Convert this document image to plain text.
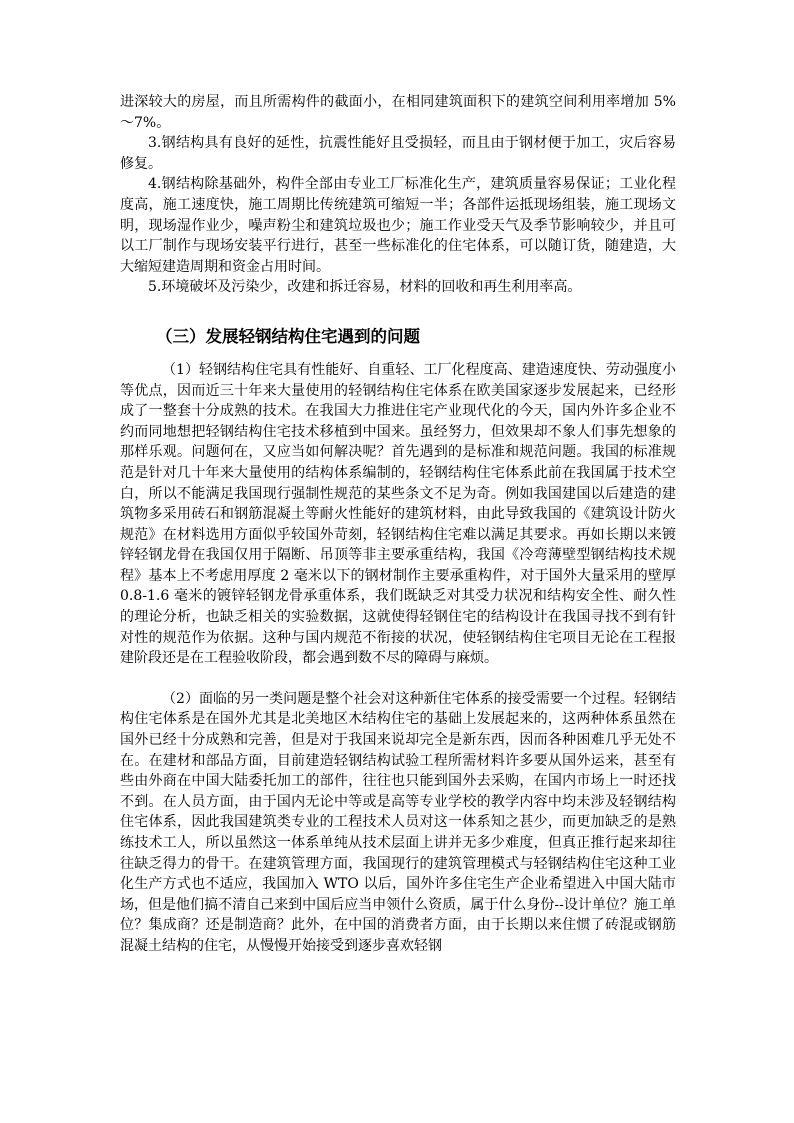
进深较大的房屋，而且所需构件的截面小，在相同建筑面积下的建筑空间利用率增加 5%～7%。

3.钢结构具有良好的延性，抗震性能好且受损轻，而且由于钢材便于加工，灾后容易修复。

4.钢结构除基础外，构件全部由专业工厂标准化生产，建筑质量容易保证；工业化程度高，施工速度快，施工周期比传统建筑可缩短一半；各部件运抵现场组装，施工现场文明，现场湿作业少，噪声粉尘和建筑垃圾也少；施工作业受天气及季节影响较少，并且可以工厂制作与现场安装平行进行，甚至一些标准化的住宅体系，可以随订货，随建造，大大缩短建造周期和资金占用时间。

5.环境破坏及污染少，改建和拆迁容易，材料的回收和再生利用率高。

（三）发展轻钢结构住宅遇到的问题

（1）轻钢结构住宅具有性能好、自重轻、工厂化程度高、建造速度快、劳动强度小等优点，因而近三十年来大量使用的轻钢结构住宅体系在欧美国家逐步发展起来，已经形成了一整套十分成熟的技术。在我国大力推进住宅产业现代化的今天，国内外许多企业不约而同地想把轻钢结构住宅技术移植到中国来。虽经努力，但效果却不象人们事先想象的那样乐观。问题何在，又应当如何解决呢？首先遇到的是标准和规范问题。我国的标准规范是针对几十年来大量使用的结构体系编制的，轻钢结构住宅体系此前在我国属于技术空白，所以不能满足我国现行强制性规范的某些条文不足为奇。例如我国建国以后建造的建筑物多采用砖石和钢筋混凝土等耐火性能好的建筑材料，由此导致我国的《建筑设计防火规范》在材料选用方面似乎较国外苛刻，轻钢结构住宅难以满足其要求。再如长期以来镀锌轻钢龙骨在我国仅用于隔断、吊顶等非主要承重结构，我国《冷弯薄壁型钢结构技术规程》基本上不考虑用厚度 2 毫米以下的钢材制作主要承重构件，对于国外大量采用的壁厚 0.8-1.6 毫米的镀锌轻钢龙骨承重体系，我们既缺乏对其受力状况和结构安全性、耐久性的理论分析，也缺乏相关的实验数据，这就使得轻钢住宅的结构设计在我国寻找不到有针对性的规范作为依据。这种与国内规范不衔接的状况，使轻钢结构住宅项目无论在工程报建阶段还是在工程验收阶段，都会遇到数不尽的障碍与麻烦。

（2）面临的另一类问题是整个社会对这种新住宅体系的接受需要一个过程。轻钢结构住宅体系是在国外尤其是北美地区木结构住宅的基础上发展起来的，这两种体系虽然在国外已经十分成熟和完善，但是对于我国来说却完全是新东西，因而各种困难几乎无处不在。在建材和部品方面，目前建造轻钢结构试验工程所需材料许多要从国外运来，甚至有些由外商在中国大陆委托加工的部件，往往也只能到国外去采购，在国内市场上一时还找不到。在人员方面，由于国内无论中等或是高等专业学校的教学内容中均未涉及轻钢结构住宅体系，因此我国建筑类专业的工程技术人员对这一体系知之甚少，而更加缺乏的是熟练技术工人，所以虽然这一体系单纯从技术层面上讲并无多少难度，但真正推行起来却往往缺乏得力的骨干。在建筑管理方面，我国现行的建筑管理模式与轻钢结构住宅这种工业化生产方式也不适应，我国加入 WTO 以后，国外许多住宅生产企业希望进入中国大陆市场，但是他们搞不清自己来到中国后应当申领什么资质，属于什么身份--设计单位？施工单位？集成商？还是制造商？此外，在中国的消费者方面，由于长期以来住惯了砖混或钢筋混凝土结构的住宅，从慢慢开始接受到逐步喜欢轻钢
